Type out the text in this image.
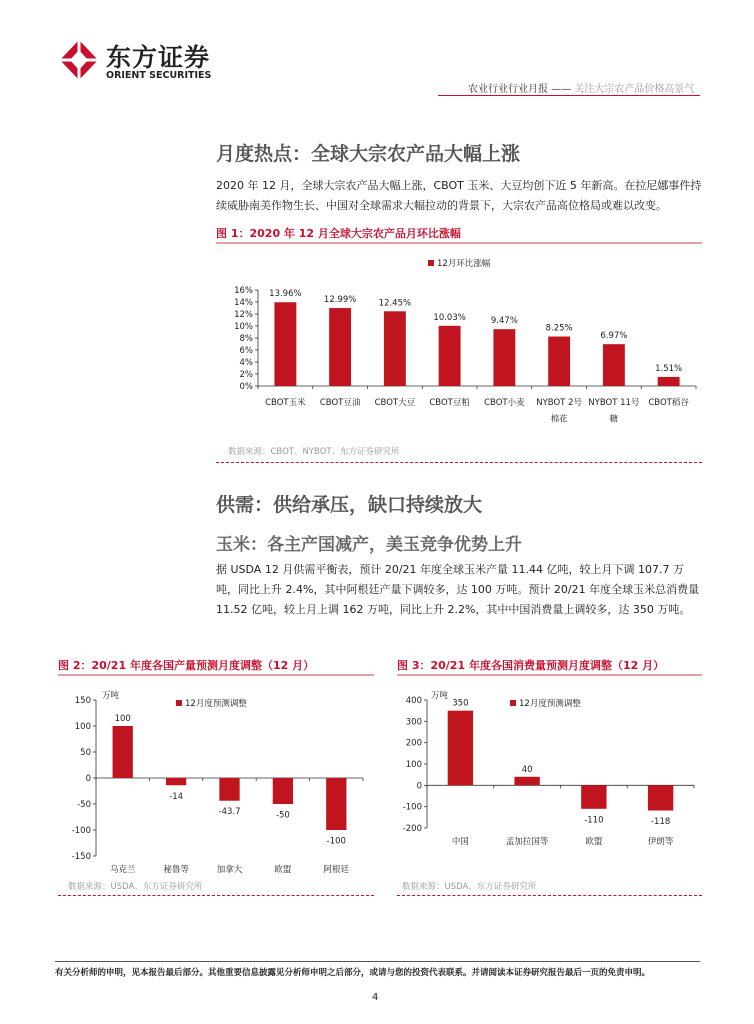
东方证券
ORIENT SECURITIES
农业行业行业月报 —— 关注大宗农产品价格高景气
月度热点：全球大宗农产品大幅上涨
2020 年 12 月，全球大宗农产品大幅上涨，CBOT 玉米、大豆均创下近 5 年新高。在拉尼娜事件持续威胁南美作物生长、中国对全球需求大幅拉动的背景下，大宗农产品高位格局或难以改变。
图 1：2020 年 12 月全球大宗农产品月环比涨幅
16%
14%
12%
10%
8%
6%
4%
2%
0%
13.96%
CBOT玉米
12.99%
CBOT豆油
12.45%
CBOT大豆
10.03%
CBOT豆粕
9.47%
CBOT小麦
8.25%
NYBOT 2号
棉花
6.97%
NYBOT 11号
糖
1.51%
CBOT稻谷
12月环比涨幅
数据来源：CBOT、NYBOT、东方证券研究所
供需：供给承压，缺口持续放大
玉米：各主产国减产，美玉竞争优势上升
据 USDA 12 月供需平衡表，预计 20/21 年度全球玉米产量 11.44 亿吨，较上月下调 107.7 万吨，同比上升 2.4%，其中阿根廷产量下调较多，达 100 万吨。预计 20/21 年度全球玉米总消费量 11.52 亿吨，较上月上调 162 万吨，同比上升 2.2%，其中中国消费量上调较多，达 350 万吨。
图 2：20/21 年度各国产量预测月度调整（12 月）
150
100
50
0
-50
-100
-150
100
乌克兰
-14
秘鲁等
-43.7
加拿大
-50
欧盟
-100
阿根廷
12月度预测调整
万吨
数据来源：USDA、东方证券研究所
图 3：20/21 年度各国消费量预测月度调整（12 月）
400
300
200
100
0
-100
-200
350
中国
40
孟加拉国等
-110
欧盟
-118
伊朗等
12月度预测调整
万吨
数据来源：USDA、东方证券研究所
有关分析师的申明，见本报告最后部分。其他重要信息披露见分析师申明之后部分，或请与您的投资代表联系。并请阅读本证券研究报告最后一页的免责申明。
4
